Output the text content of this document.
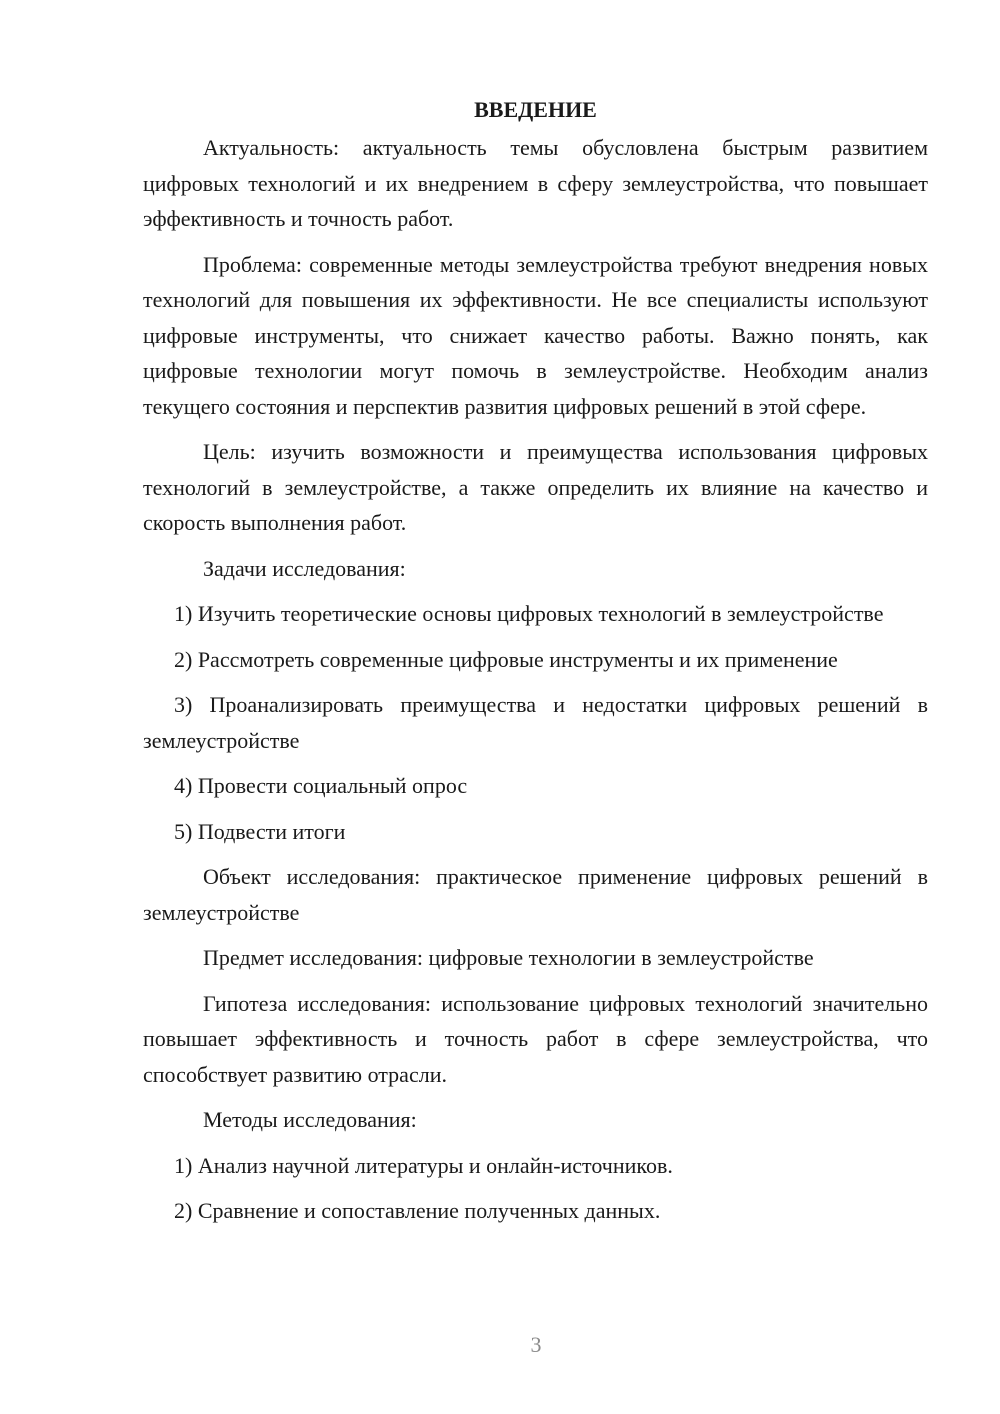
ВВЕДЕНИЕ

Актуальность: актуальность темы обусловлена быстрым развитием цифровых технологий и их внедрением в сферу землеустройства, что повышает эффективность и точность работ.

Проблема: современные методы землеустройства требуют внедрения новых технологий для повышения их эффективности. Не все специалисты используют цифровые инструменты, что снижает качество работы. Важно понять, как цифровые технологии могут помочь в землеустройстве. Необходим анализ текущего состояния и перспектив развития цифровых решений в этой сфере.

Цель: изучить возможности и преимущества использования цифровых технологий в землеустройстве, а также определить их влияние на качество и скорость выполнения работ.

Задачи исследования:

1) Изучить теоретические основы цифровых технологий в землеустройстве

2) Рассмотреть современные цифровые инструменты и их применение

3) Проанализировать преимущества и недостатки цифровых решений в землеустройстве

4) Провести социальный опрос

5) Подвести итоги

Объект исследования: практическое применение цифровых решений в землеустройстве

Предмет исследования: цифровые технологии в землеустройстве

Гипотеза исследования: использование цифровых технологий значительно повышает эффективность и точность работ в сфере землеустройства, что способствует развитию отрасли.

Методы исследования:

1) Анализ научной литературы и онлайн-источников.

2) Сравнение и сопоставление полученных данных.

3
